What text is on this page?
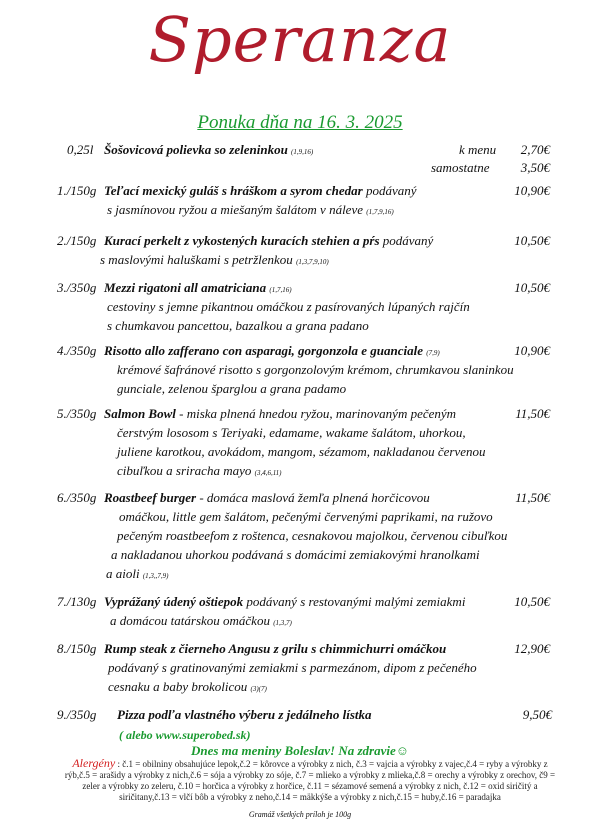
Speranza
Ponuka dňa na 16. 3. 2025
0,25l Šošovicová polievka so zeleninkou (1,9,16)	k menu	2,70€
samostatne	3,50€
1./150g Teľací mexický guláš s hráškom a syrom chedar podávaný
s jasmínovou ryžou a miešaným šalátom v náleve (1,7,9,16)
10,90€
2./150g Kurací perkelt z vykostených kuracích stehien a pŕs podávaný
s maslovými haluškami s petržlenkou (1,3,7,9,10)
10,50€
3./350g Mezzi rigatoni all amatriciana (1,7,16)
cestoviny s jemne pikantnou omáčkou z pasírovaných lúpaných rajčín
s chumkavou pancettou, bazalkou a grana padano
10,50€
4./350g Risotto allo zafferano con asparagi, gorgonzola e guanciale (7,9)
krémové šafránové risotto s gorgonzolovým krémom, chrumkavou slaninkou
gunciale, zelenou šparglou a grana padamo
10,90€
5./350g Salmon Bowl - miska plnená hnedou ryžou, marinovaným pečeným
čerstvým lososom s Teriyaki, edamame, wakame šalátom, uhorkou,
juliene karotkou, avokádom, mangom, sézamom, nakladanou červenou
cibuľkou a sriracha mayo (3,4,6,11)
11,50€
6./350g Roastbeef burger - domáca maslová žemľa plnená horčicovou
omáčkou, little gem šalátom, pečenými červenými paprikami, na ružovo
pečeným roastbeefom z roštenca, cesnakovou majolkou, červenou cibuľkou
a nakladanou uhorkou podávaná s domácimi zemiakovými hranolkami
a aioli (1,3,,7,9)
11,50€
7./130g Vyprážaný údený oštiepok podávaný s restovanými malými zemiakmi
a domácou tatárskou omáčkou (1,3,7)
10,50€
8./150g Rump steak z čierneho Angusu z grilu s chimmichurri omáčkou
podávaný s gratinovanými zemiakmi s parmezánom, dipom z pečeného
cesnaku a baby brokolicou (3)(7)
12,90€
9./350g Pizza podľa vlastného výberu z jedálneho lístka	9,50€
( alebo www.superobed.sk)
Dnes ma meniny Boleslav! Na zdravie☺
Alergény : č.1 = obilniny obsahujúce lepok,č.2 = kôrovce a výrobky z nich, č.3 = vajcia a výrobky z vajec,č.4 = ryby a výrobky z rýb,č.5 = arašidy a výrobky z nich,č.6 = sója a výrobky zo sóje, č.7 = mlieko a výrobky z mlieka,č.8 = orechy a výrobky z orechov, č9 = zeler a výrobky zo zeleru, č.10 = horčica a výrobky z horčice, č.11 = sézamové semená a výrobky z nich, č.12 = oxid siričitý a siričitany,č.13 = vlčí bôb a výrobky z neho,č.14 = mäkkýše a výrobky z nich,č.15 = huby,č.16 = paradajka
Gramáž všetkých príloh je 100g
